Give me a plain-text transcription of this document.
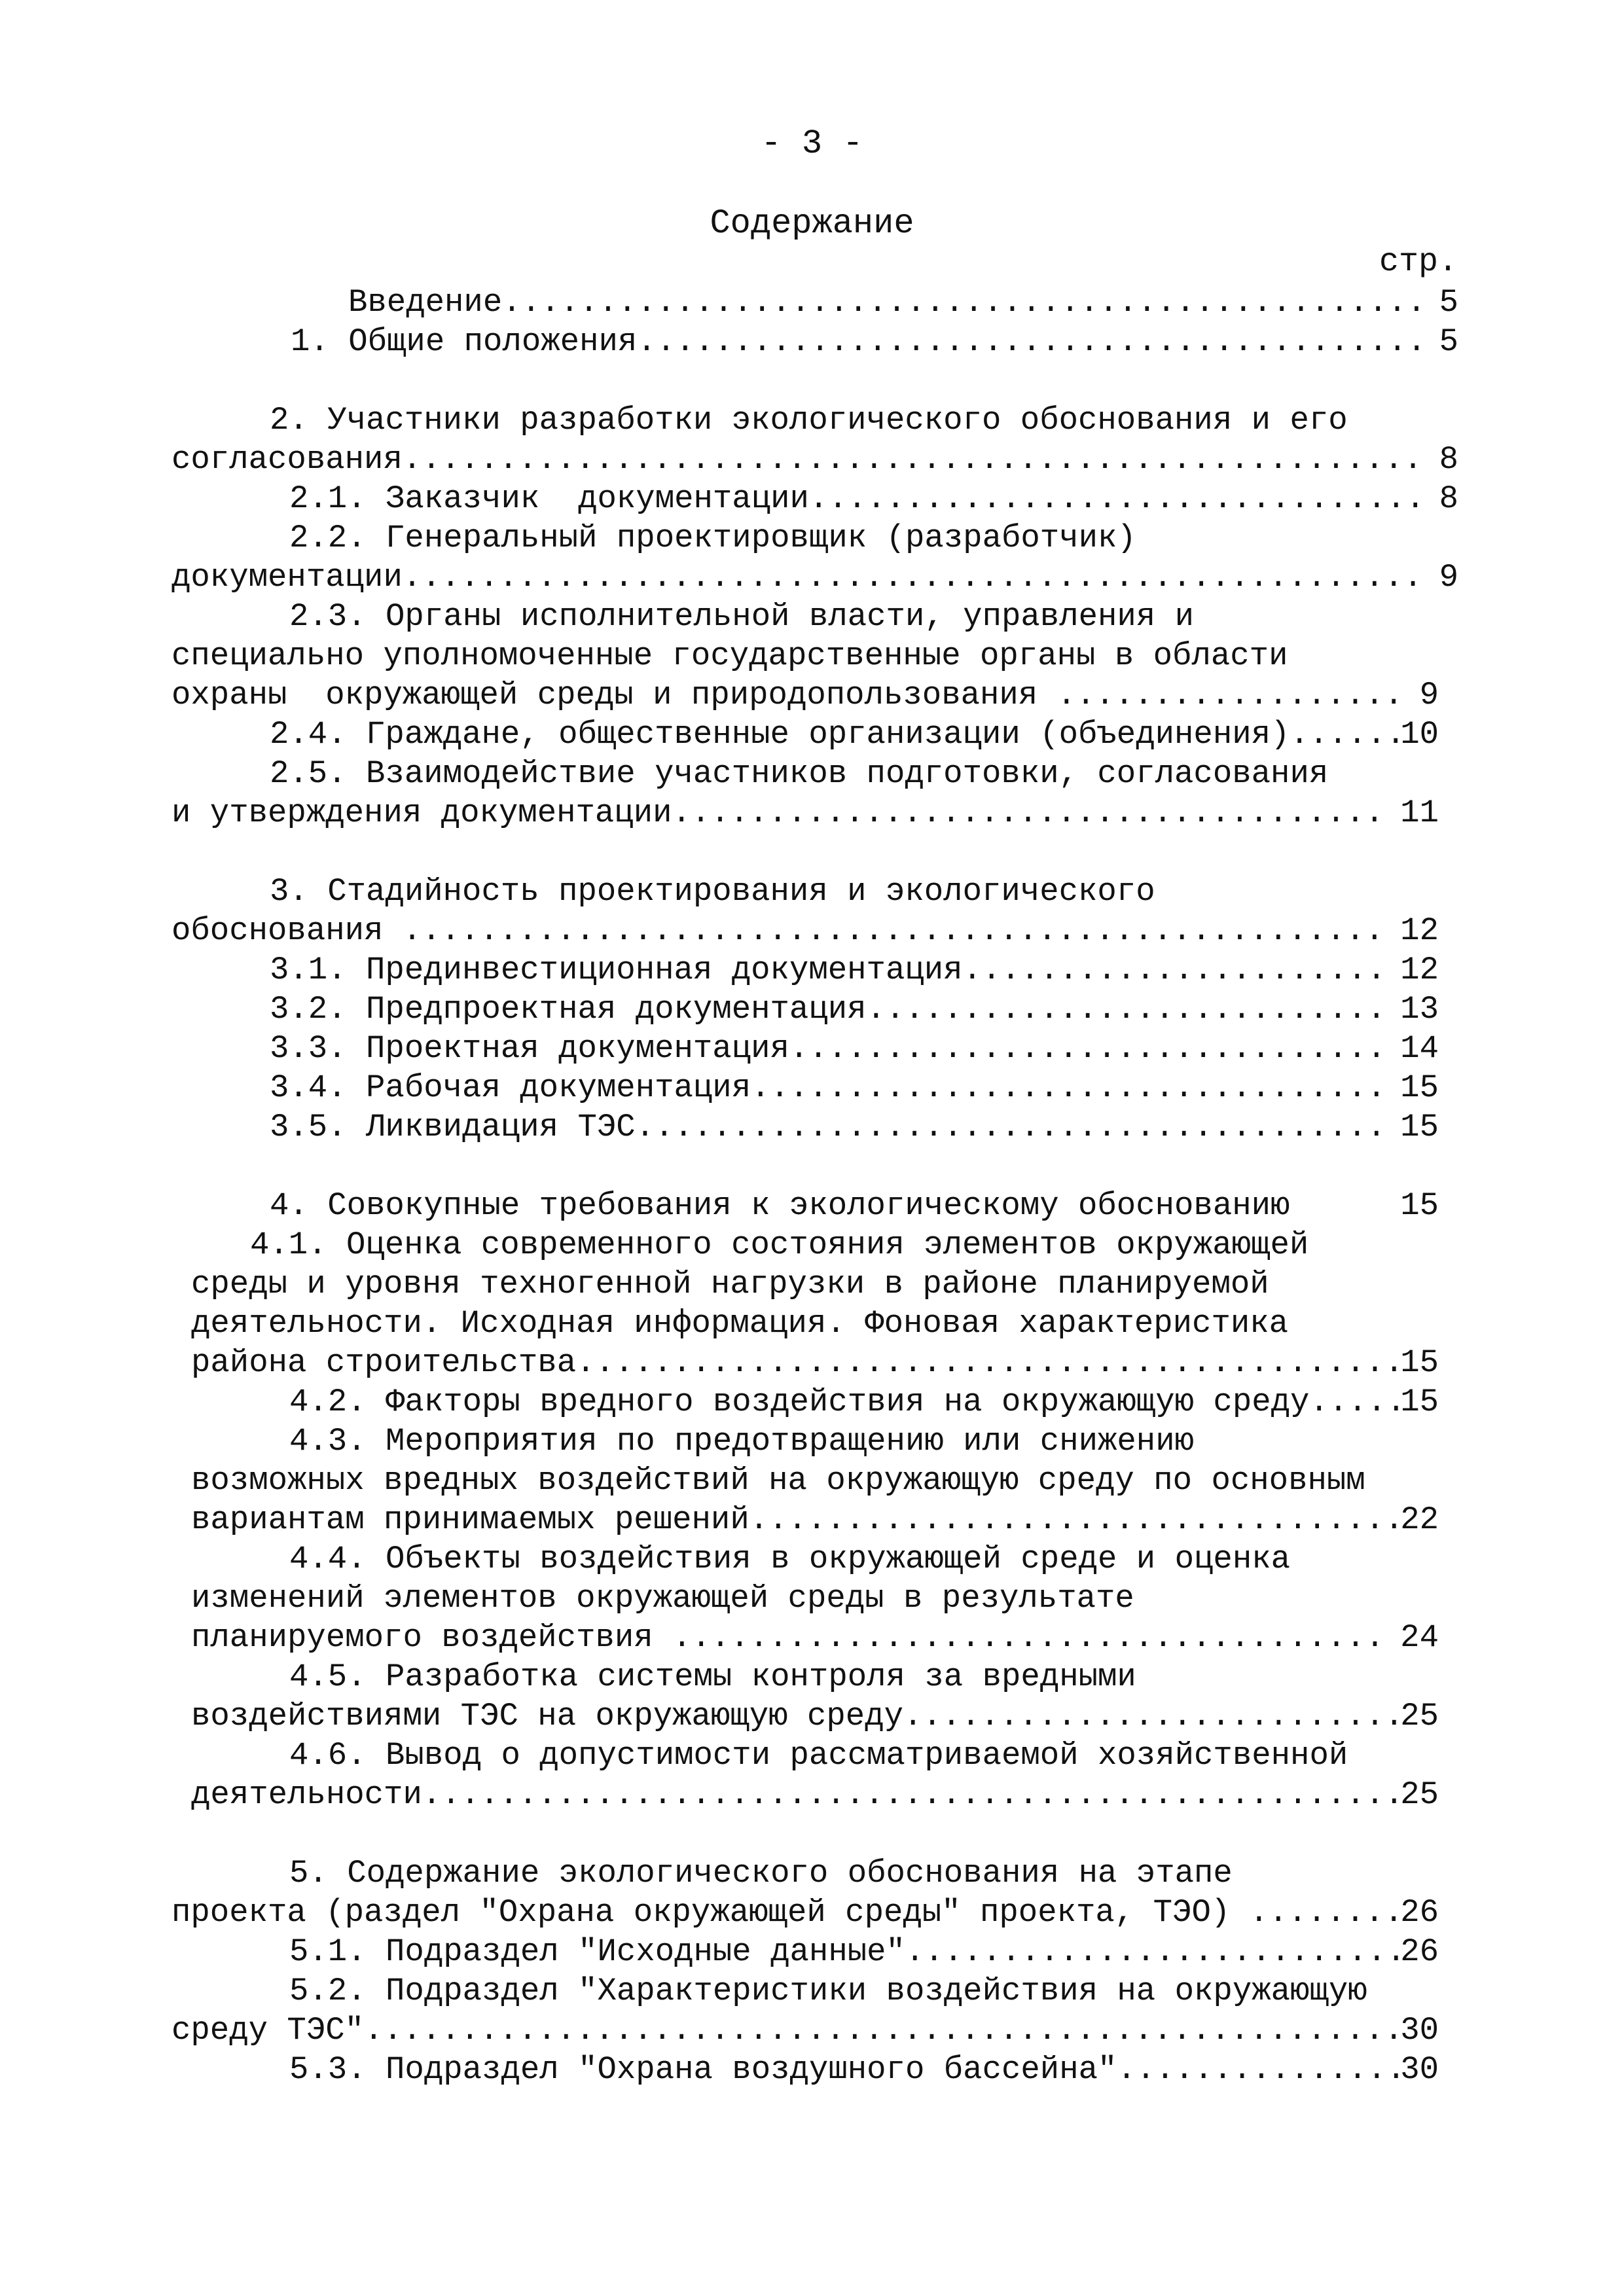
- 3 -
Содержание
стр.
Введение .....	5
1. Общие положения .....	5
2. Участники разработки экологического обоснования и его
согласования .....	8
2.1. Заказчик  документации .....	8
2.2. Генеральный проектировщик (разработчик)
документации .....	9
2.3. Органы исполнительной власти, управления и
специально уполномоченные государственные органы в области
охраны  окружающей среды и природопользования .....	9
2.4. Граждане, общественные организации (объединения) .....	10
2.5. Взаимодействие участников подготовки, согласования
и утверждения документации .....	11
3. Стадийность проектирования и экологического
обоснования .....	12
3.1. Прединвестиционная документация .....	12
3.2. Предпроектная документация .....	13
3.3. Проектная документация .....	14
3.4. Рабочая документация .....	15
3.5. Ликвидация ТЭС .....	15
4. Совокупные требования к экологическому обоснованию	15
4.1. Оценка современного состояния элементов окружающей
среды и уровня техногенной нагрузки в районе планируемой
деятельности. Исходная информация. Фоновая характеристика
района строительства .....	15
4.2. Факторы вредного воздействия на окружающую среду .....	15
4.3. Мероприятия по предотвращению или снижению
возможных вредных воздействий на окружающую среду по основным
вариантам принимаемых решений .....	22
4.4. Объекты воздействия в окружающей среде и оценка
изменений элементов окружающей среды в результате
планируемого воздействия .....	24
4.5. Разработка системы контроля за вредными
воздействиями ТЭС на окружающую среду .....	25
4.6. Вывод о допустимости рассматриваемой хозяйственной
деятельности .....	25
5. Содержание экологического обоснования на этапе
проекта (раздел "Охрана окружающей среды" проекта, ТЭО) .....	26
5.1. Подраздел "Исходные данные" .....	26
5.2. Подраздел "Характеристики воздействия на окружающую
среду ТЭС" .....	30
5.3. Подраздел "Охрана воздушного бассейна" .....	30
